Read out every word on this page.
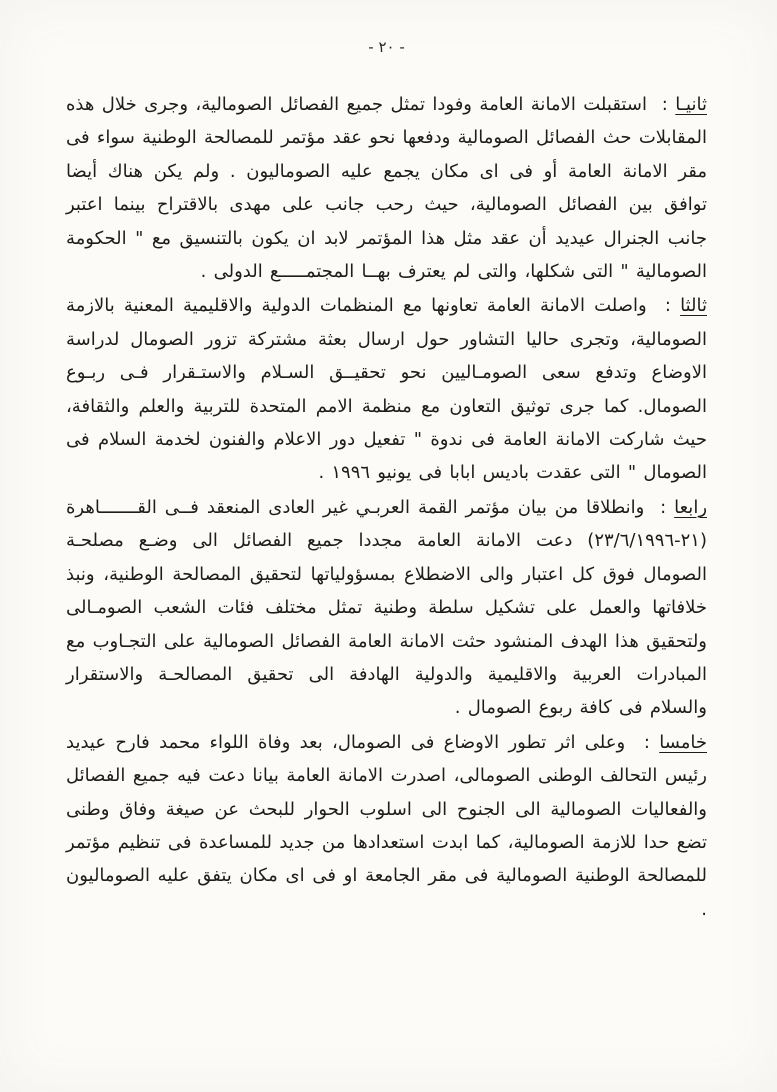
- ٢٠ -

ثانيـا :  استقبلت الامانة العامة وفودا تمثل جميع الفصائل الصومالية، وجرى خلال هذه المقابلات حث الفصائل الصومالية ودفعها نحو عقد مؤتمر للمصالحة الوطنية سواء فى مقر الامانة العامة أو فى اى مكان يجمع عليه الصوماليون . ولم يكن هناك أيضا توافق بين الفصائل الصومالية، حيث رحب جانب على مهدى بالاقتراح بينما اعتبر جانب الجنرال عيديد أن عقد مثل هذا المؤتمر لابد ان يكون بالتنسيق مع " الحكومة الصومالية " التى شكلها، والتى لم يعترف بهــا المجتمـــــع الدولى .

ثالثا :  واصلت الامانة العامة تعاونها مع المنظمات الدولية والاقليمية المعنية بالازمة الصومالية، وتجرى حاليا التشاور حول ارسال بعثة مشتركة تزور الصومال لدراسة الاوضاع وتدفع سعى الصومـاليين نحو تحقيــق السـلام والاستـقرار فـى ربـوع الصومال. كما جرى توثيق التعاون مع منظمة الامم المتحدة للتربية والعلم والثقافة، حيث شاركت الامانة العامة فى ندوة " تفعيل دور الاعلام والفنون لخدمة السلام فى الصومال " التى عقدت باديس ابابا فى يونيو ١٩٩٦ .

رابعا :  وانطلاقا من بيان مؤتمر القمة العربـي غير العادى المنعقد فــى القـــــــاهرة (٢١-٢٣/٦/١٩٩٦) دعت الامانة العامة مجددا جميع الفصائل الى وضـع مصلحـة الصومال فوق كل اعتبار والى الاضطلاع بمسؤولياتها لتحقيق المصالحة الوطنية، ونبذ خلافاتها والعمل على تشكيل سلطة وطنية تمثل مختلف فئات الشعب الصومـالى ولتحقيق هذا الهدف المنشود حثت الامانة العامة الفصائل الصومالية على التجـاوب مع المبادرات العربية والاقليمية والدولية الهادفة الى تحقيق المصالحـة والاستقرار والسلام فى كافة ربوع الصومال .

خامسا :  وعلى اثر تطور الاوضاع فى الصومال، بعد وفاة اللواء محمد فارح عيديد رئيس التحالف الوطنى الصومالى، اصدرت الامانة العامة بيانا دعت فيه جميع الفصائل والفعاليات الصومالية الى الجنوح الى اسلوب الحوار للبحث عن صيغة وفاق وطنى تضع حدا للازمة الصومالية، كما ابدت استعدادها من جديد للمساعدة فى تنظيم مؤتمر للمصالحة الوطنية الصومالية فى مقر الجامعة او فى اى مكان يتفق عليه الصوماليون .
